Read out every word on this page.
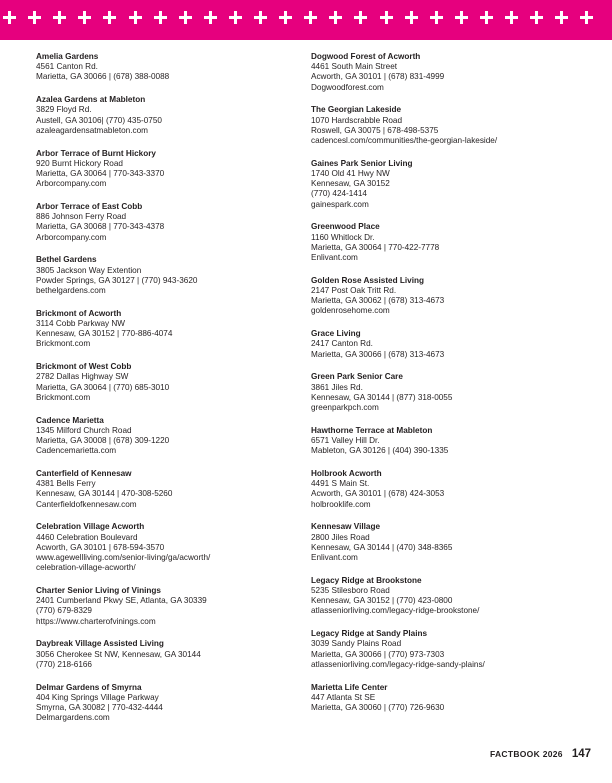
Amelia Gardens
4561 Canton Rd.
Marietta, GA 30066 | (678) 388-0088
Azalea Gardens at Mableton
3829 Floyd Rd.
Austell, GA 30106| (770) 435-0750
azaleagardensatmableton.com
Arbor Terrace of Burnt Hickory
920 Burnt Hickory Road
Marietta, GA 30064 | 770-343-3370
Arborcompany.com
Arbor Terrace of East Cobb
886 Johnson Ferry Road
Marietta, GA 30068 | 770-343-4378
Arborcompany.com
Bethel Gardens
3805 Jackson Way Extention
Powder Springs, GA 30127 | (770) 943-3620
bethelgardens.com
Brickmont of Acworth
3114 Cobb Parkway NW
Kennesaw, GA 30152 | 770-886-4074
Brickmont.com
Brickmont of West Cobb
2782 Dallas Highway SW
Marietta, GA 30064 | (770) 685-3010
Brickmont.com
Cadence Marietta
1345 Milford Church Road
Marietta, GA 30008 | (678) 309-1220
Cadencemarietta.com
Canterfield of Kennesaw
4381 Bells Ferry
Kennesaw, GA 30144 | 470-308-5260
Canterfieldofkennesaw.com
Celebration Village Acworth
4460 Celebration Boulevard
Acworth, GA 30101 | 678-594-3570
www.agewellliving.com/senior-living/ga/acworth/
celebration-village-acworth/
Charter Senior Living of Vinings
2401 Cumberland Pkwy SE, Atlanta, GA 30339
(770) 679-8329
https://www.charterofvinings.com
Daybreak Village Assisted Living
3056 Cherokee St NW, Kennesaw, GA 30144
(770) 218-6166
Delmar Gardens of Smyrna
404 King Springs Village Parkway
Smyrna, GA 30082 | 770-432-4444
Delmargardens.com
Dogwood Forest of Acworth
4461 South Main Street
Acworth, GA 30101 | (678) 831-4999
Dogwoodforest.com
The Georgian Lakeside
1070 Hardscrabble Road
Roswell, GA 30075 | 678-498-5375
cadencesl.com/communities/the-georgian-lakeside/
Gaines Park Senior Living
1740 Old 41 Hwy NW
Kennesaw, GA 30152
(770) 424-1414
gainespark.com
Greenwood Place
1160 Whitlock Dr.
Marietta, GA 30064 | 770-422-7778
Enlivant.com
Golden Rose Assisted Living
2147 Post Oak Tritt Rd.
Marietta, GA 30062 | (678) 313-4673
goldenrosehome.com
Grace Living
2417 Canton Rd.
Marietta, GA 30066 | (678) 313-4673
Green Park Senior Care
3861 Jiles Rd.
Kennesaw, GA 30144 | (877) 318-0055
greenparkpch.com
Hawthorne Terrace at Mableton
6571 Valley Hill Dr.
Mableton, GA 30126 | (404) 390-1335
Holbrook Acworth
4491 S Main St.
Acworth, GA 30101 | (678) 424-3053
holbrooklife.com
Kennesaw Village
2800 Jiles Road
Kennesaw, GA 30144 | (470) 348-8365
Enlivant.com
Legacy Ridge at Brookstone
5235 Stilesboro Road
Kennesaw, GA 30152 | (770) 423-0800
atlasseniorliving.com/legacy-ridge-brookstone/
Legacy Ridge at Sandy Plains
3039 Sandy Plains Road
Marietta, GA 30066 | (770) 973-7303
atlasseniorliving.com/legacy-ridge-sandy-plains/
Marietta Life Center
447 Atlanta St SE
Marietta, GA 30060 | (770) 726-9630
FACTBOOK 2026 147
